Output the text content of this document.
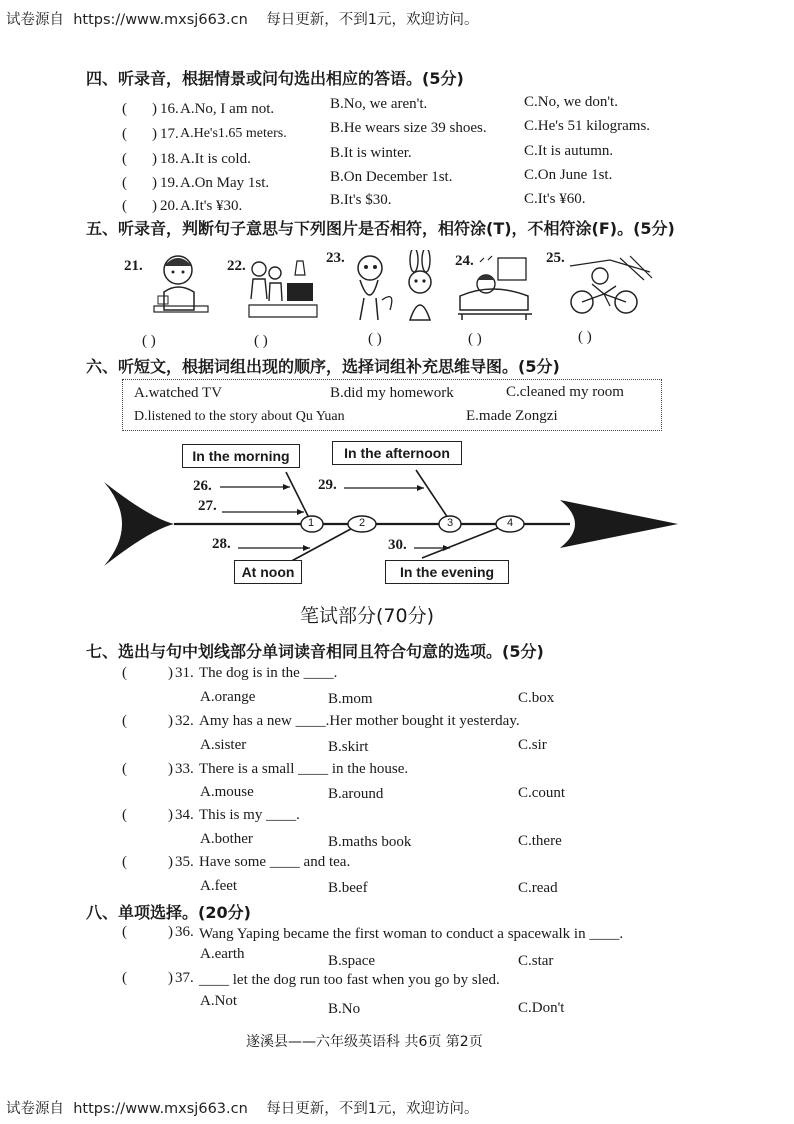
试卷源自 https://www.mxsj663.cn 每日更新，不到1元，欢迎访问。
四、听录音，根据情景或问句选出相应的答语。(5分)
( ) 16. A.No, I am not.	B.No, we aren't.	C.No, we don't.
( ) 17. A.He's1.65 meters.	B.He wears size 39 shoes. C.He's 51 kilograms.
( ) 18. A.It is cold.	B.It is winter.	C.It is autumn.
( ) 19. A.On May 1st.	B.On December 1st.	C.On June 1st.
( ) 20. A.It's ¥30.	B.It's $30.	C.It's ¥60.
五、听录音，判断句子意思与下列图片是否相符，相符涂(T)，不相符涂(F)。(5分)
21.
( )
22.
( )
23.
( )
24.
( )
25.
( )
六、听短文，根据词组出现的顺序，选择词组补充思维导图。(5分)
A.watched TV	B.did my homework	C.cleaned my room
D.listened to the story about Qu Yuan	E.made Zongzi
1	2	3	4
In the morning	In the afternoon
At noon	In the evening
26.
27.
28.
29.
30.
笔试部分(70分)
七、选出与句中划线部分单词读音相同且符合句意的选项。(5分)
(	) 31. The dog is in the ____.
A.orange	B.mom	C.box
(	) 32. Amy has a new ____.Her mother bought it yesterday.
A.sister	B.skirt	C.sir
(	) 33. There is a small ____ in the house.
A.mouse	B.around	C.count
(	) 34. This is my ____.
A.bother	B.maths book	C.there
(	) 35. Have some ____ and tea.
A.feet	B.beef	C.read
八、单项选择。(20分)
(	) 36. Wang Yaping became the first woman to conduct a spacewalk in ____.
A.earth	B.space	C.star
(	) 37. ____ let the dog run too fast when you go by sled.
A.Not	B.No	C.Don't
遂溪县——六年级英语科 共6页 第2页
试卷源自 https://www.mxsj663.cn 每日更新，不到1元，欢迎访问。
